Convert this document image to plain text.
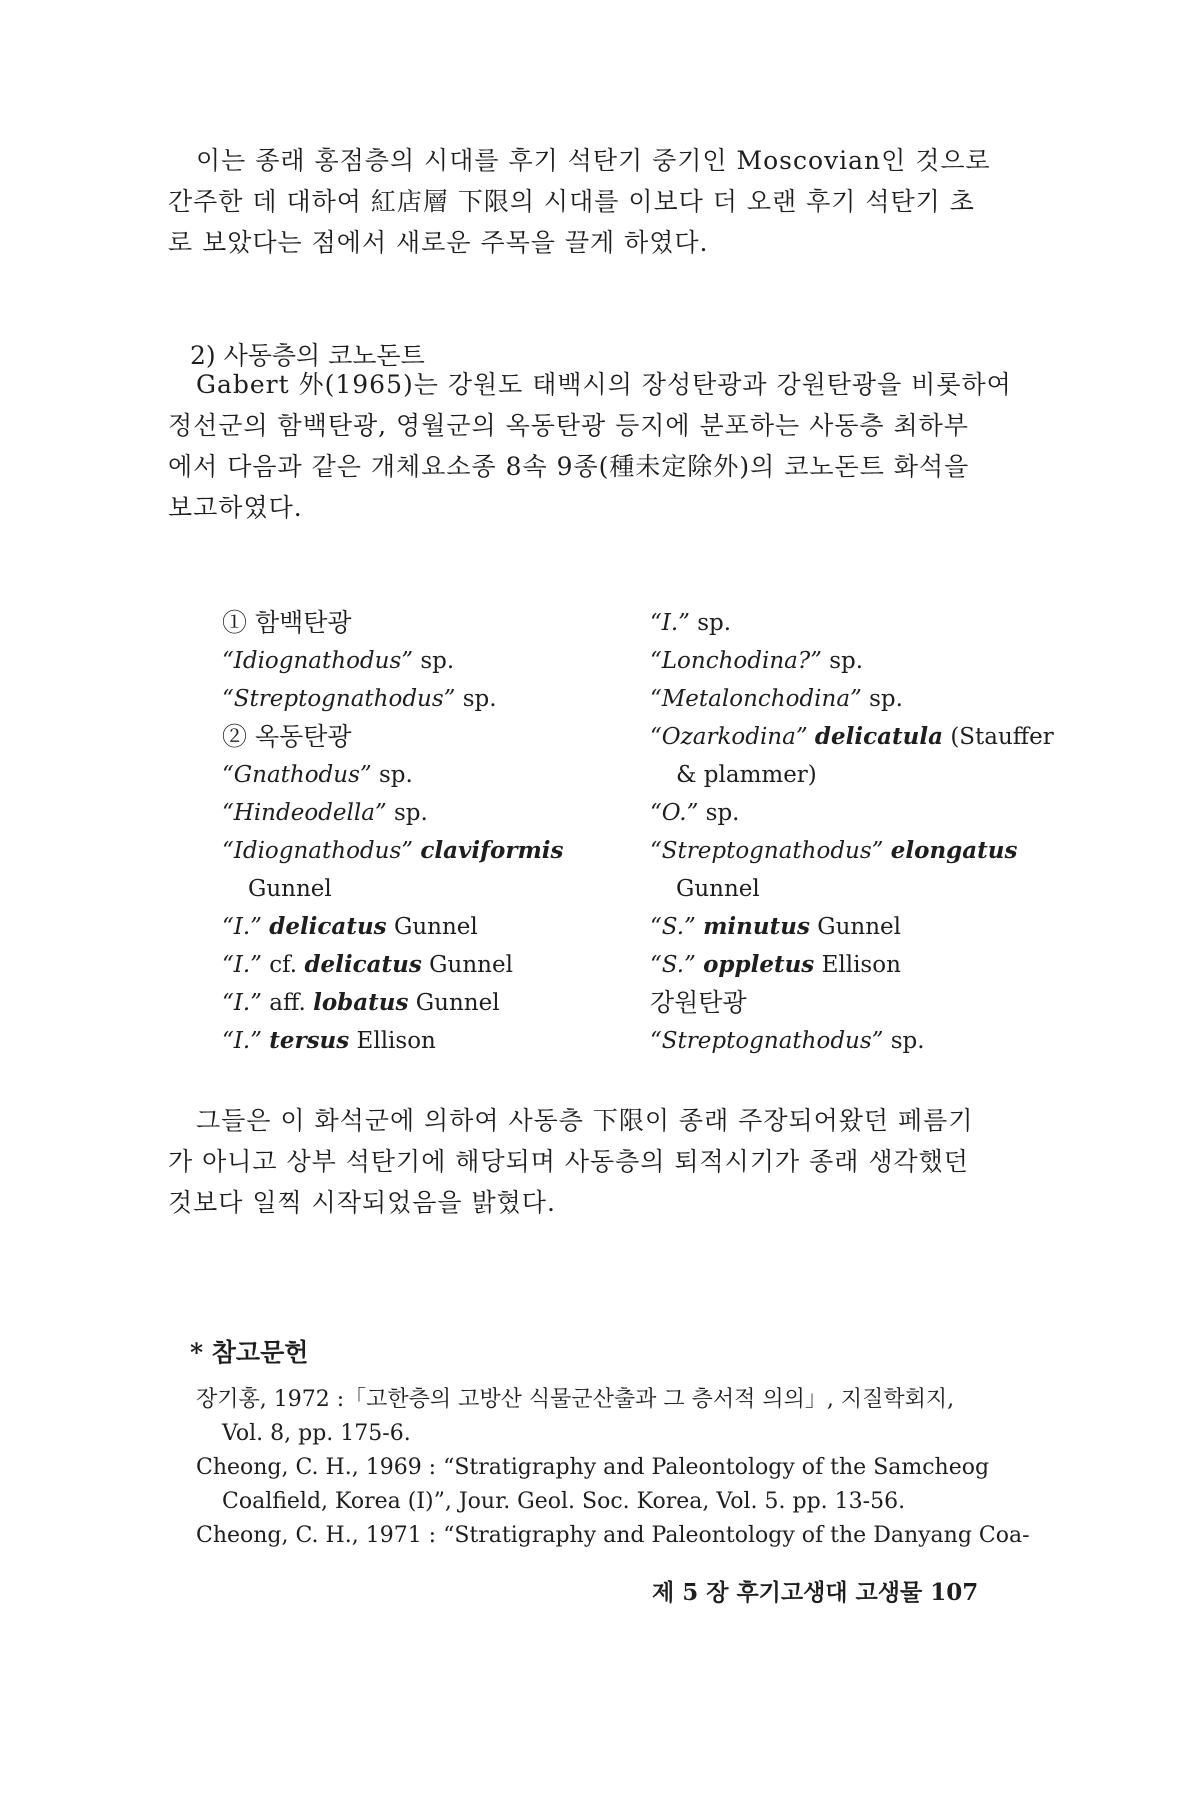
이는 종래 홍점층의 시대를 후기 석탄기 중기인 Moscovian인 것으로
간주한 데 대하여 紅店層 下限의 시대를 이보다 더 오랜 후기 석탄기 초
로 보았다는 점에서 새로운 주목을 끌게 하였다.

2) 사동층의 코노돈트

Gabert 外(1965)는 강원도 태백시의 장성탄광과 강원탄광을 비롯하여
정선군의 함백탄광, 영월군의 옥동탄광 등지에 분포하는 사동층 최하부
에서 다음과 같은 개체요소종 8속 9종(種未定除外)의 코노돈트 화석을
보고하였다.

① 함백탄광
“Idiognathodus” sp.
“Streptognathodus” sp.
② 옥동탄광
“Gnathodus” sp.
“Hindeodella” sp.
“Idiognathodus” claviformis
Gunnel
“I.” delicatus Gunnel
“I.” cf. delicatus Gunnel
“I.” aff. lobatus Gunnel
“I.” tersus Ellison
“I.” sp.
“Lonchodina?” sp.
“Metalonchodina” sp.
“Ozarkodina” delicatula (Stauffer
& plammer)
“O.” sp.
“Streptognathodus” elongatus
Gunnel
“S.” minutus Gunnel
“S.” oppletus Ellison
강원탄광
“Streptognathodus” sp.

그들은 이 화석군에 의하여 사동층 下限이 종래 주장되어왔던 페름기
가 아니고 상부 석탄기에 해당되며 사동층의 퇴적시기가 종래 생각했던
것보다 일찍 시작되었음을 밝혔다.

* 참고문헌
장기홍, 1972 :「고한층의 고방산 식물군산출과 그 층서적 의의」, 지질학회지,
Vol. 8, pp. 175-6.
Cheong, C. H., 1969 : “Stratigraphy and Paleontology of the Samcheog
Coalfield, Korea (Ⅰ)”, Jour. Geol. Soc. Korea, Vol. 5. pp. 13-56.
Cheong, C. H., 1971 : “Stratigraphy and Paleontology of the Danyang Coa-
제 5 장 후기고생대 고생물 107
